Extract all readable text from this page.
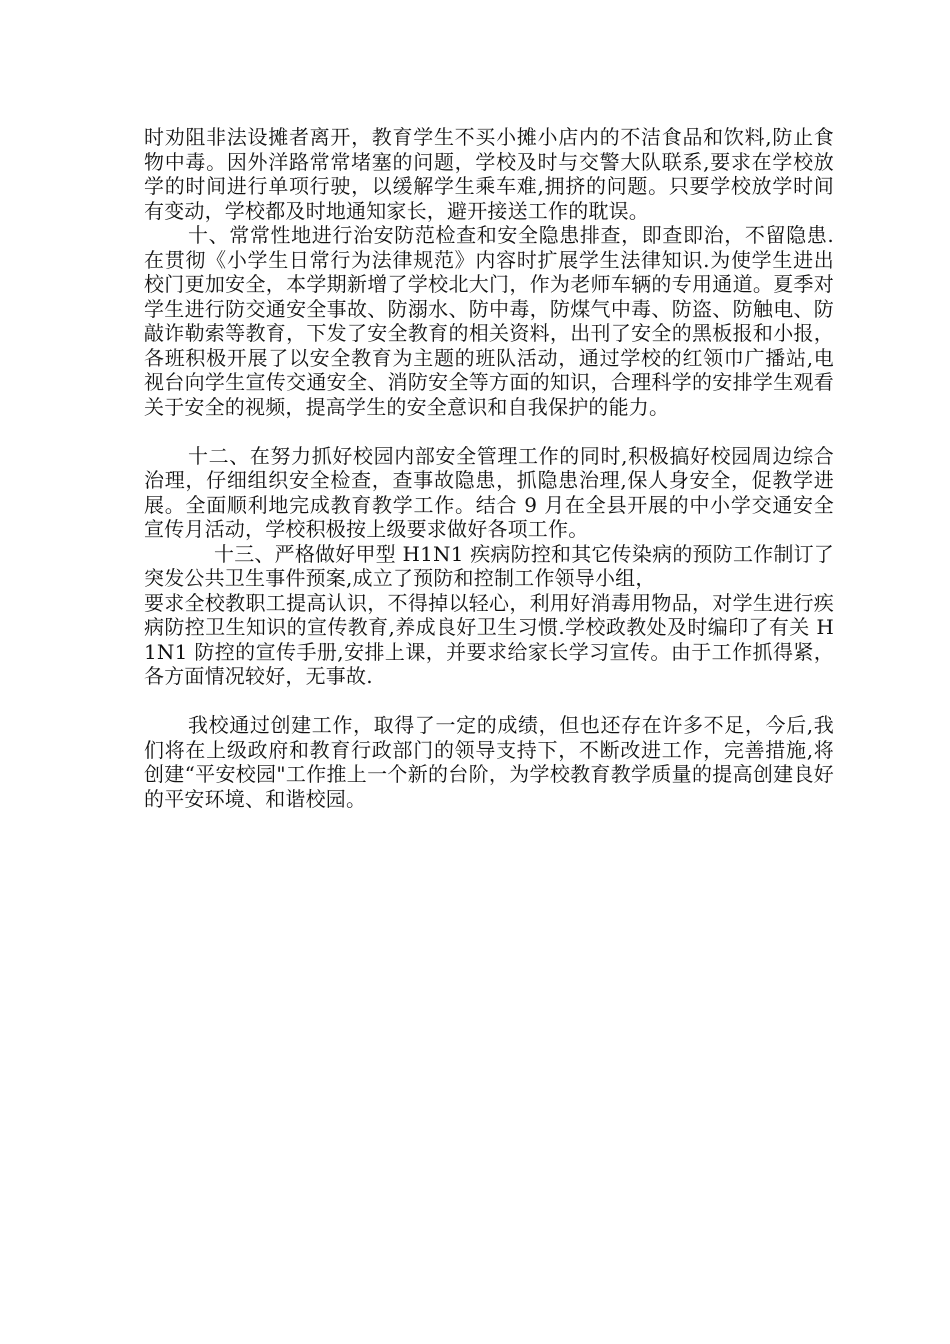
时劝阻非法设摊者离开，教育学生不买小摊小店内的不洁食品和饮料,防止食物中毒。因外洋路常常堵塞的问题，学校及时与交警大队联系,要求在学校放学的时间进行单项行驶，以缓解学生乘车难,拥挤的问题。只要学校放学时间有变动，学校都及时地通知家长，避开接送工作的耽误。

十、常常性地进行治安防范检查和安全隐患排查，即查即治，不留隐患.在贯彻《小学生日常行为法律规范》内容时扩展学生法律知识.为使学生进出校门更加安全，本学期新增了学校北大门，作为老师车辆的专用通道。夏季对学生进行防交通安全事故、防溺水、防中毒，防煤气中毒、防盗、防触电、防敲诈勒索等教育，下发了安全教育的相关资料，出刊了安全的黑板报和小报，各班积极开展了以安全教育为主题的班队活动，通过学校的红领巾广播站,电视台向学生宣传交通安全、消防安全等方面的知识，合理科学的安排学生观看关于安全的视频，提高学生的安全意识和自我保护的能力。

十二、在努力抓好校园内部安全管理工作的同时,积极搞好校园周边综合治理，仔细组织安全检查，查事故隐患，抓隐患治理,保人身安全，促教学进展。全面顺利地完成教育教学工作。结合 9 月在全县开展的中小学交通安全宣传月活动，学校积极按上级要求做好各项工作。

十三、严格做好甲型 H1N1 疾病防控和其它传染病的预防工作制订了突发公共卫生事件预案,成立了预防和控制工作领导小组，

要求全校教职工提高认识，不得掉以轻心，利用好消毒用物品，对学生进行疾病防控卫生知识的宣传教育,养成良好卫生习惯.学校政教处及时编印了有关 H1N1 防控的宣传手册,安排上课，并要求给家长学习宣传。由于工作抓得紧，各方面情况较好，无事故.

我校通过创建工作，取得了一定的成绩，但也还存在许多不足，今后,我们将在上级政府和教育行政部门的领导支持下，不断改进工作，完善措施,将创建“平安校园"工作推上一个新的台阶，为学校教育教学质量的提高创建良好的平安环境、和谐校园。
